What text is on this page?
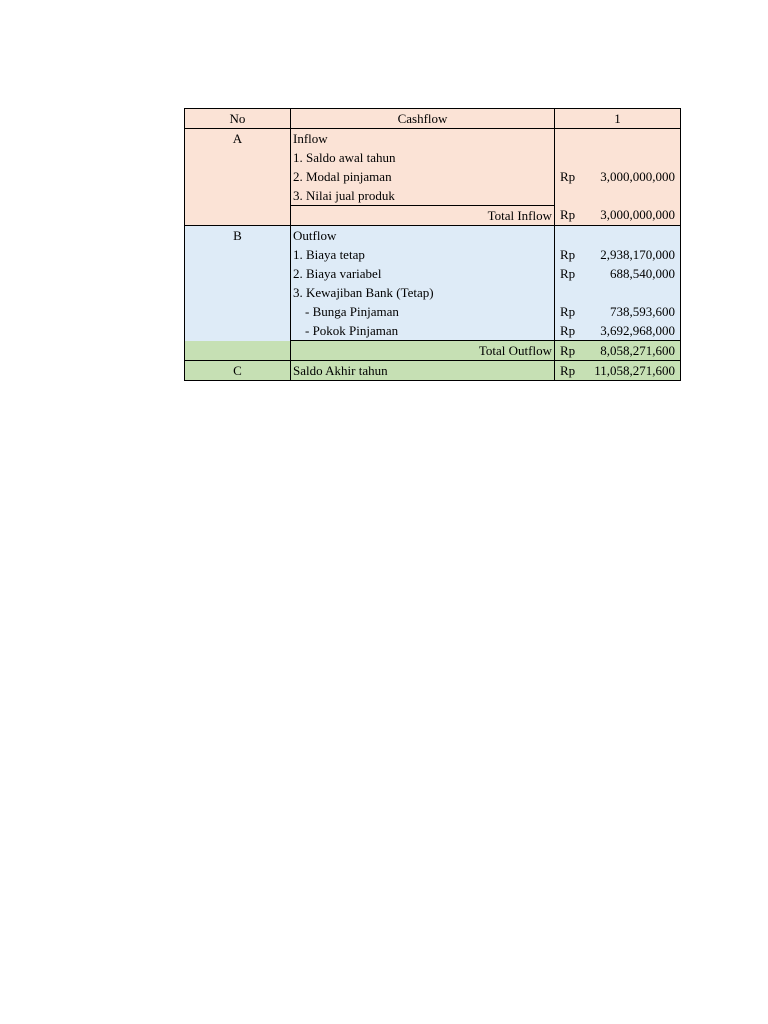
No	Cashflow	1	
A	Inflow		
	1. Saldo awal tahun		
	2. Modal pinjaman	Rp	3,000,000,000
	3. Nilai jual produk		
	Total Inflow	Rp	3,000,000,000
B	Outflow		
	1. Biaya tetap	Rp	2,938,170,000
	2. Biaya variabel	Rp	688,540,000
	3. Kewajiban Bank (Tetap)		
	- Bunga Pinjaman	Rp	738,593,600
	- Pokok Pinjaman	Rp	3,692,968,000
	Total Outflow	Rp	8,058,271,600
C	Saldo Akhir tahun	Rp	11,058,271,600
